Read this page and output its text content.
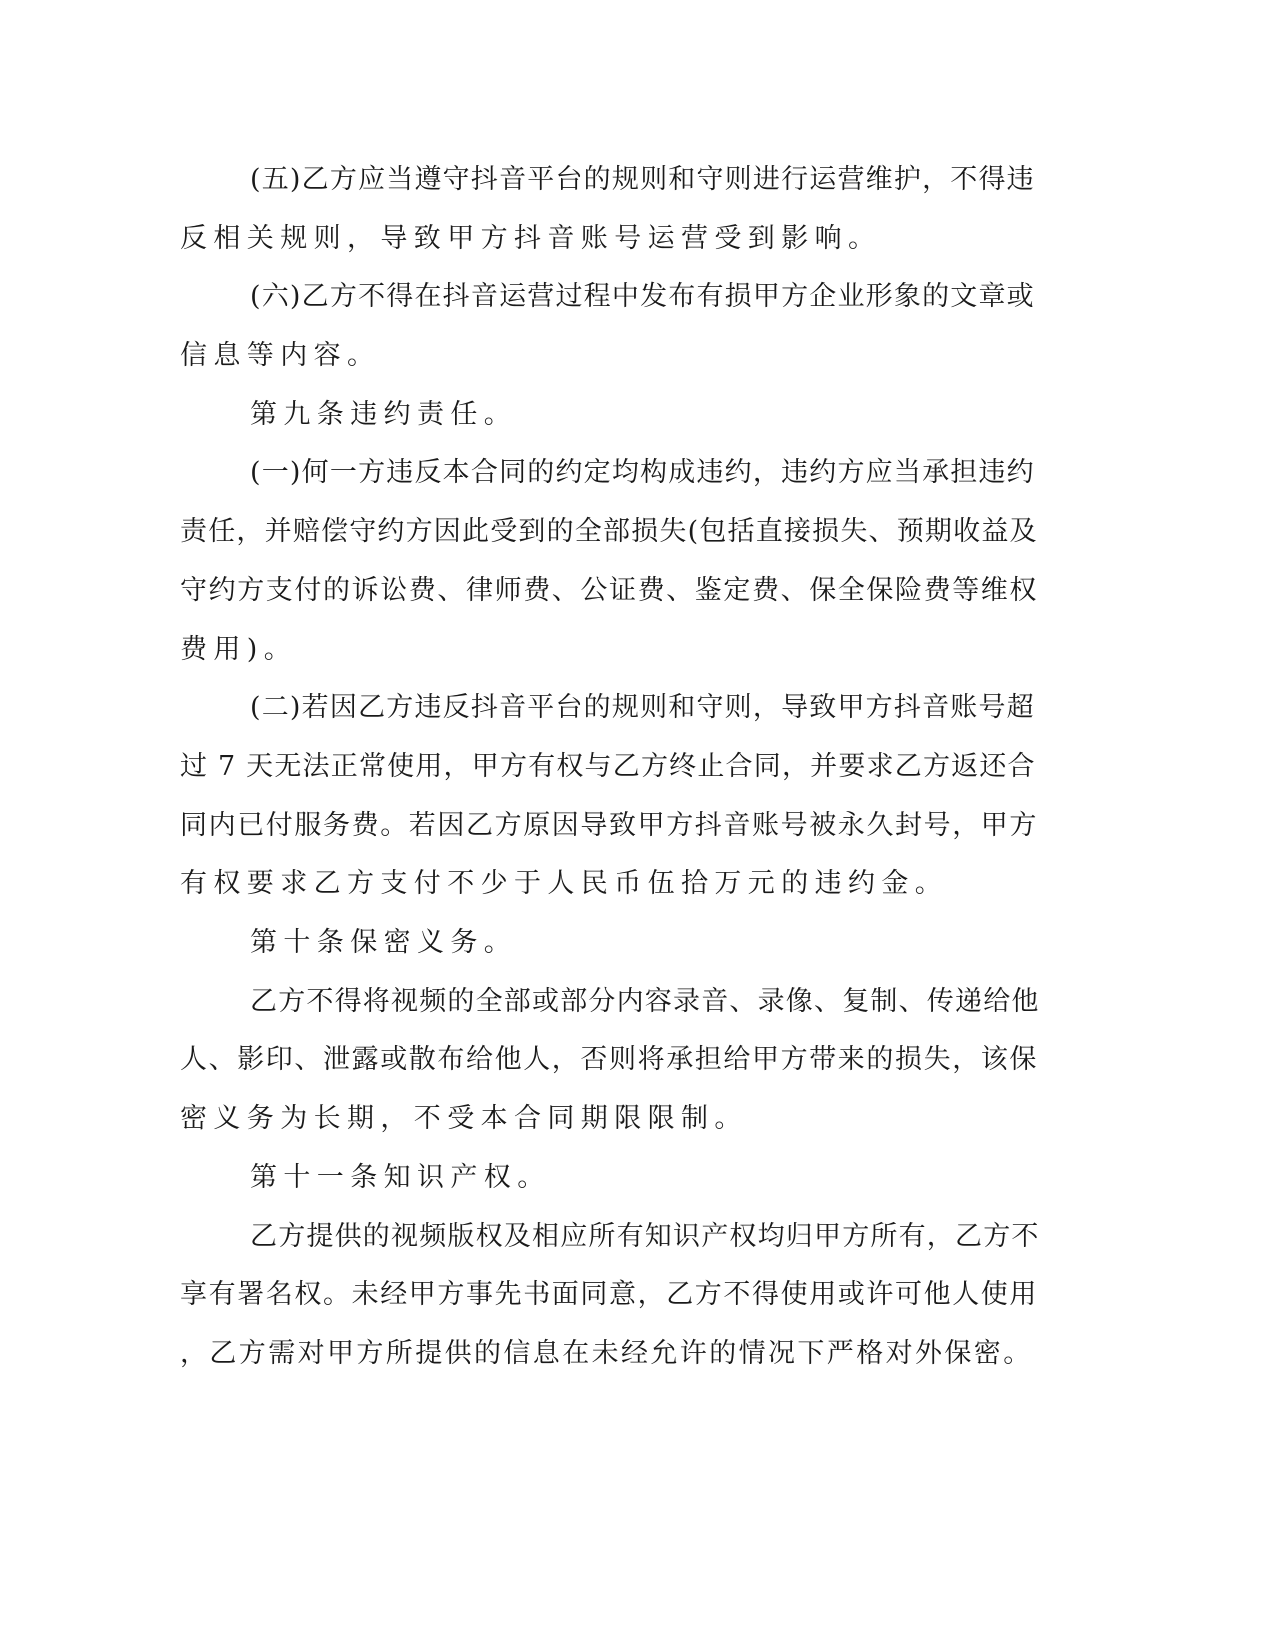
(五)乙方应当遵守抖音平台的规则和守则进行运营维护，不得违
反相关规则，导致甲方抖音账号运营受到影响。
(六)乙方不得在抖音运营过程中发布有损甲方企业形象的文章或
信息等内容。
第九条违约责任。
(一)何一方违反本合同的约定均构成违约，违约方应当承担违约
责任，并赔偿守约方因此受到的全部损失(包括直接损失、预期收益及
守约方支付的诉讼费、律师费、公证费、鉴定费、保全保险费等维权
费用)。
(二)若因乙方违反抖音平台的规则和守则，导致甲方抖音账号超
过 7 天无法正常使用，甲方有权与乙方终止合同，并要求乙方返还合
同内已付服务费。若因乙方原因导致甲方抖音账号被永久封号，甲方
有权要求乙方支付不少于人民币伍拾万元的违约金。
第十条保密义务。
乙方不得将视频的全部或部分内容录音、录像、复制、传递给他
人、影印、泄露或散布给他人，否则将承担给甲方带来的损失，该保
密义务为长期，不受本合同期限限制。
第十一条知识产权。
乙方提供的视频版权及相应所有知识产权均归甲方所有，乙方不
享有署名权。未经甲方事先书面同意，乙方不得使用或许可他人使用
，乙方需对甲方所提供的信息在未经允许的情况下严格对外保密。
